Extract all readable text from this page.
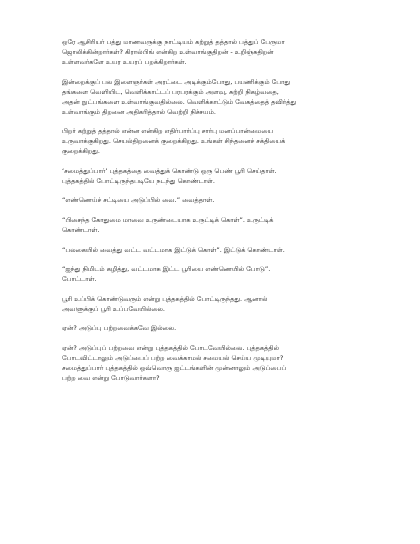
ஒரே ஆசிரியர் பத்து மாணவருக்கு நாட்டியம் கற்றுத் தத்தால் பத்துப் பேருமா
ஜொலிக்கின்றார்கள்? கிரால்பிங் என்கிற உள்வாங்குதிறன் - உறிஞ்சுதிறன்
உள்ளவர்களே உயர உயரப் பறக்கிறார்கள்.

இன்றைக்குப் பல இளைஞர்கள் அரட்டை அடிக்கும்போது, பயணிக்கும் போது
தங்களை வெளியிட, வெளிக்காட்டப் பரபரக்கும் அளவு, சுற்றி நிகழ்வதை,
அதன் நுட்பங்களை உள்வாங்குவதில்லை. வெளிக்காட்டும் வேகத்தைத் தவிர்த்து
உள்வாங்கும் திறனை அதிகரித்தால் வெற்றி நிச்சயம்.

பிறர் கற்றுத் தத்தால் என்ன என்கிற எதிர்பார்ப்பு சார்பு மனப்பான்மையை
உருவாக்குகிறது. செயல்திறனைக் குறைக்கிறது. உங்கள் சிந்தனைச் சக்தியைக்
குறைக்கிறது.

‘சமைத்துப்பார்’ புத்தகத்தை வைத்துக் கொண்டு ஒரு பெண் பூரி செய்தாள்.
புத்தகத்தில் போட்டிருந்தபடியே நடந்து கொண்டாள்.

“எண்ணெய்ச் சட்டியை அடுப்பில் வை.” வைத்தாள்.

“பிசைந்த கோதுமை மாவை உருண்டையாக உருட்டிக் கொள்”. உருட்டிக்
கொண்டாள்.

“பலகையில் வைத்து வட்ட வட்டமாக இட்டுக் கொள்”. இட்டுக் கொண்டாள்.

“ஐந்து நிமிடம் கழித்து, வட்டமாக இட்ட பூரியை எண்ணெயில் போடு”.
போட்டாள்.

பூரி உப்பிக் கொண்டுவரும் என்று புத்தகத்தில் போட்டிருந்தது. ஆனால்
அவளுக்குப் பூரி உப்பவேயில்லை.

ஏன்? அடுப்பு பற்றவைக்கவே இல்லை.

ஏன்? அடுப்புப் பற்றவை என்று புத்தகத்தில் போடவேயில்லை. புத்தகத்தில்
போடவிட்டாலும் அடுப்பைப் பற்ற வைக்காமல் சமையல் செய்ய முடியுமா?
சமைத்துப்பார் புத்தகத்தில் ஒவ்வொரு ஐட்டங்களின் முன்னாலும் அடுப்பைப்
பற்ற வை என்று போடுவார்களா?
